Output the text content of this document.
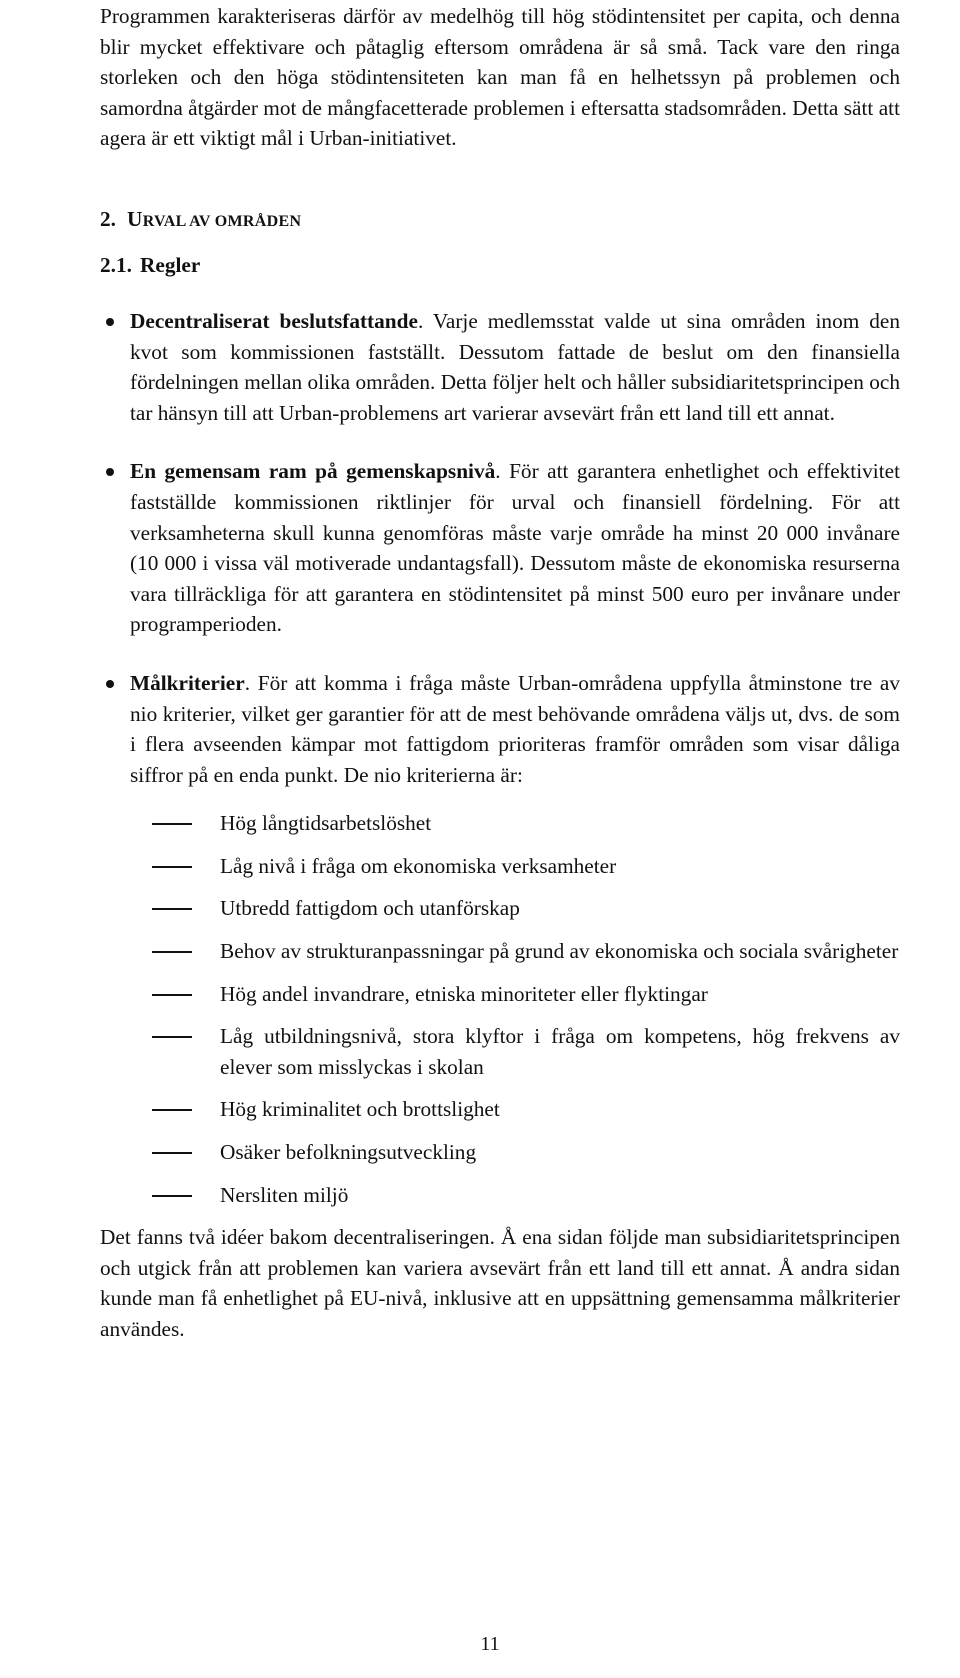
Programmen karakteriseras därför av medelhög till hög stödintensitet per capita, och denna blir mycket effektivare och påtaglig eftersom områdena är så små. Tack vare den ringa storleken och den höga stödintensiteten kan man få en helhetssyn på problemen och samordna åtgärder mot de mångfacetterade problemen i eftersatta stadsområden. Detta sätt att agera är ett viktigt mål i Urban-initiativet.

2. URVAL AV OMRÅDEN
2.1. Regler
Decentraliserat beslutsfattande. Varje medlemsstat valde ut sina områden inom den kvot som kommissionen fastställt. Dessutom fattade de beslut om den finansiella fördelningen mellan olika områden. Detta följer helt och håller subsidiaritetsprincipen och tar hänsyn till att Urban-problemens art varierar avsevärt från ett land till ett annat.
En gemensam ram på gemenskapsnivå. För att garantera enhetlighet och effektivitet fastställde kommissionen riktlinjer för urval och finansiell fördelning. För att verksamheterna skull kunna genomföras måste varje område ha minst 20 000 invånare (10 000 i vissa väl motiverade undantagsfall). Dessutom måste de ekonomiska resurserna vara tillräckliga för att garantera en stödintensitet på minst 500 euro per invånare under programperioden.
Målkriterier. För att komma i fråga måste Urban-områdena uppfylla åtminstone tre av nio kriterier, vilket ger garantier för att de mest behövande områdena väljs ut, dvs. de som i flera avseenden kämpar mot fattigdom prioriteras framför områden som visar dåliga siffror på en enda punkt. De nio kriterierna är:
Hög långtidsarbetslöshet
Låg nivå i fråga om ekonomiska verksamheter
Utbredd fattigdom och utanförskap
Behov av strukturanpassningar på grund av ekonomiska och sociala svårigheter
Hög andel invandrare, etniska minoriteter eller flyktingar
Låg utbildningsnivå, stora klyftor i fråga om kompetens, hög frekvens av elever som misslyckas i skolan
Hög kriminalitet och brottslighet
Osäker befolkningsutveckling
Nersliten miljö

Det fanns två idéer bakom decentraliseringen. Å ena sidan följde man subsidiaritetsprincipen och utgick från att problemen kan variera avsevärt från ett land till ett annat. Å andra sidan kunde man få enhetlighet på EU-nivå, inklusive att en uppsättning gemensamma målkriterier användes.

11
